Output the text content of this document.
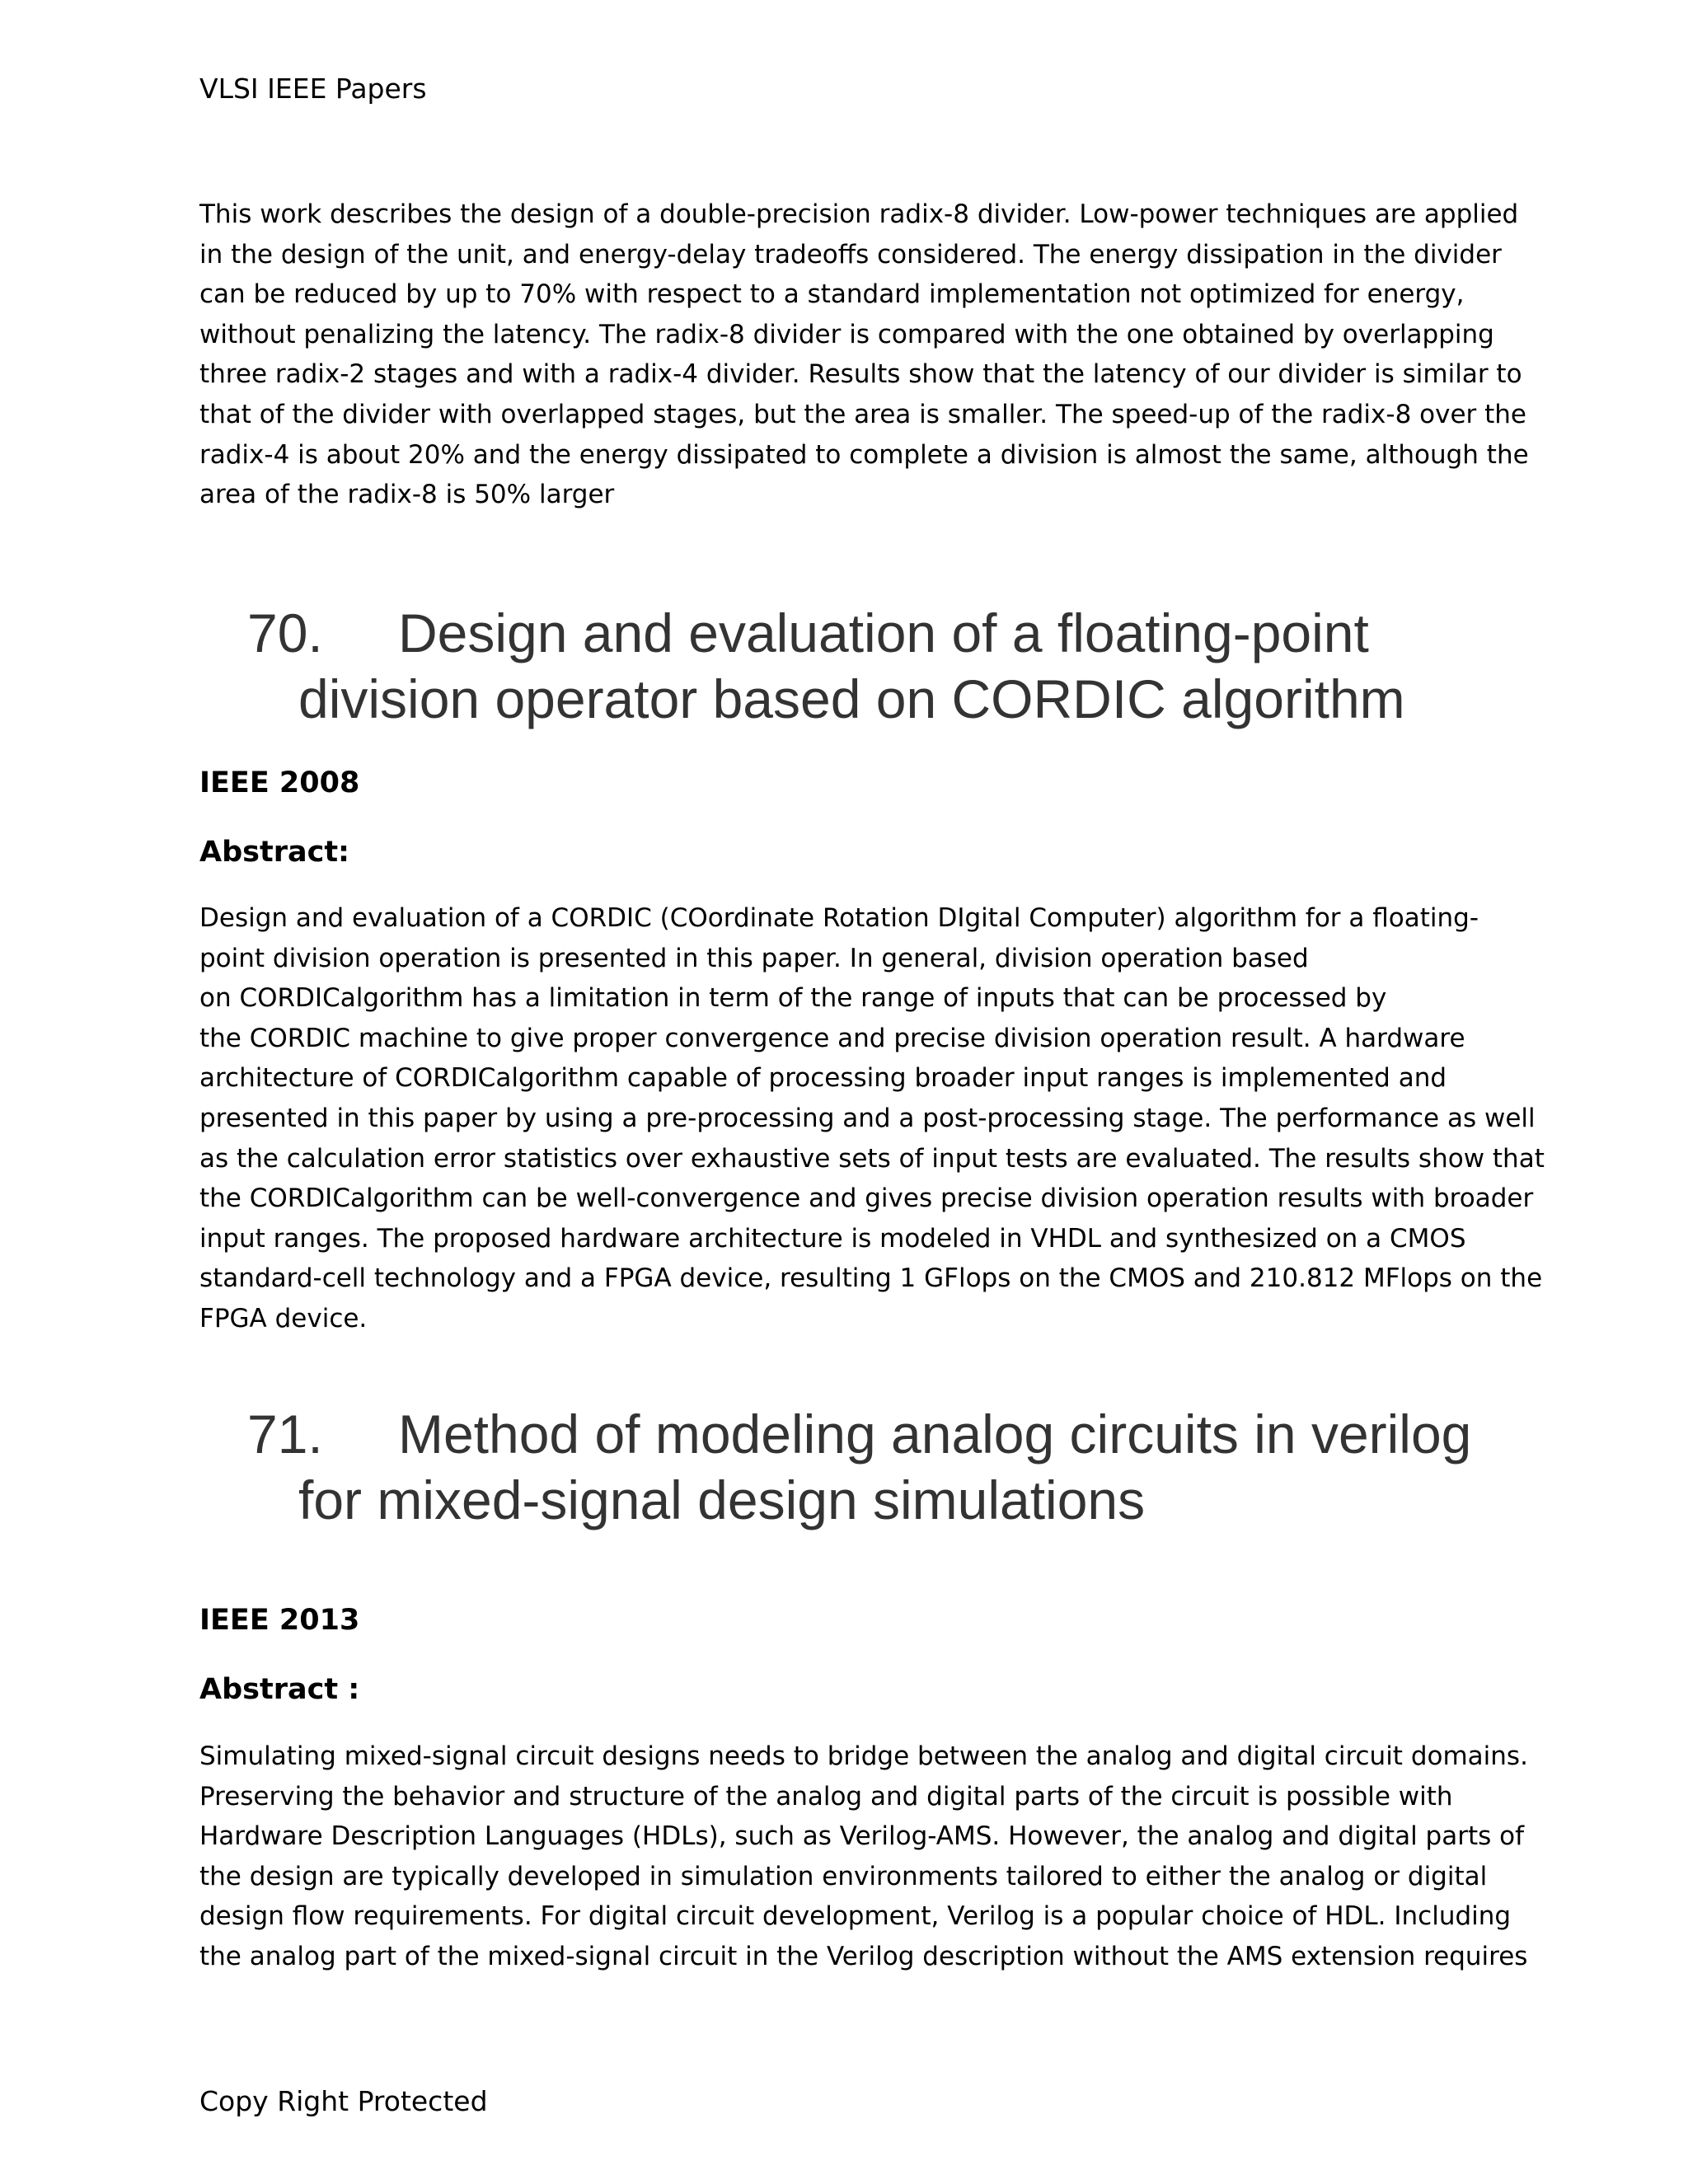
VLSI IEEE Papers
This work describes the design of a double-precision radix-8 divider. Low-power techniques are applied
in the design of the unit, and energy-delay tradeoffs considered. The energy dissipation in the divider
can be reduced by up to 70% with respect to a standard implementation not optimized for energy,
without penalizing the latency. The radix-8 divider is compared with the one obtained by overlapping
three radix-2 stages and with a radix-4 divider. Results show that the latency of our divider is similar to
that of the divider with overlapped stages, but the area is smaller. The speed-up of the radix-8 over the
radix-4 is about 20% and the energy dissipated to complete a division is almost the same, although the
area of the radix-8 is 50% larger
70. Design and evaluation of a floating-point
division operator based on CORDIC algorithm
IEEE 2008
Abstract:
Design and evaluation of a CORDIC (COordinate Rotation DIgital Computer) algorithm for a floating-
point division operation is presented in this paper. In general, division operation based
on CORDICalgorithm has a limitation in term of the range of inputs that can be processed by
the CORDIC machine to give proper convergence and precise division operation result. A hardware
architecture of CORDICalgorithm capable of processing broader input ranges is implemented and
presented in this paper by using a pre-processing and a post-processing stage. The performance as well
as the calculation error statistics over exhaustive sets of input tests are evaluated. The results show that
the CORDICalgorithm can be well-convergence and gives precise division operation results with broader
input ranges. The proposed hardware architecture is modeled in VHDL and synthesized on a CMOS
standard-cell technology and a FPGA device, resulting 1 GFlops on the CMOS and 210.812 MFlops on the
FPGA device.
71. Method of modeling analog circuits in verilog
for mixed-signal design simulations
IEEE 2013
Abstract :
Simulating mixed-signal circuit designs needs to bridge between the analog and digital circuit domains.
Preserving the behavior and structure of the analog and digital parts of the circuit is possible with
Hardware Description Languages (HDLs), such as Verilog-AMS. However, the analog and digital parts of
the design are typically developed in simulation environments tailored to either the analog or digital
design flow requirements. For digital circuit development, Verilog is a popular choice of HDL. Including
the analog part of the mixed-signal circuit in the Verilog description without the AMS extension requires
Copy Right Protected
